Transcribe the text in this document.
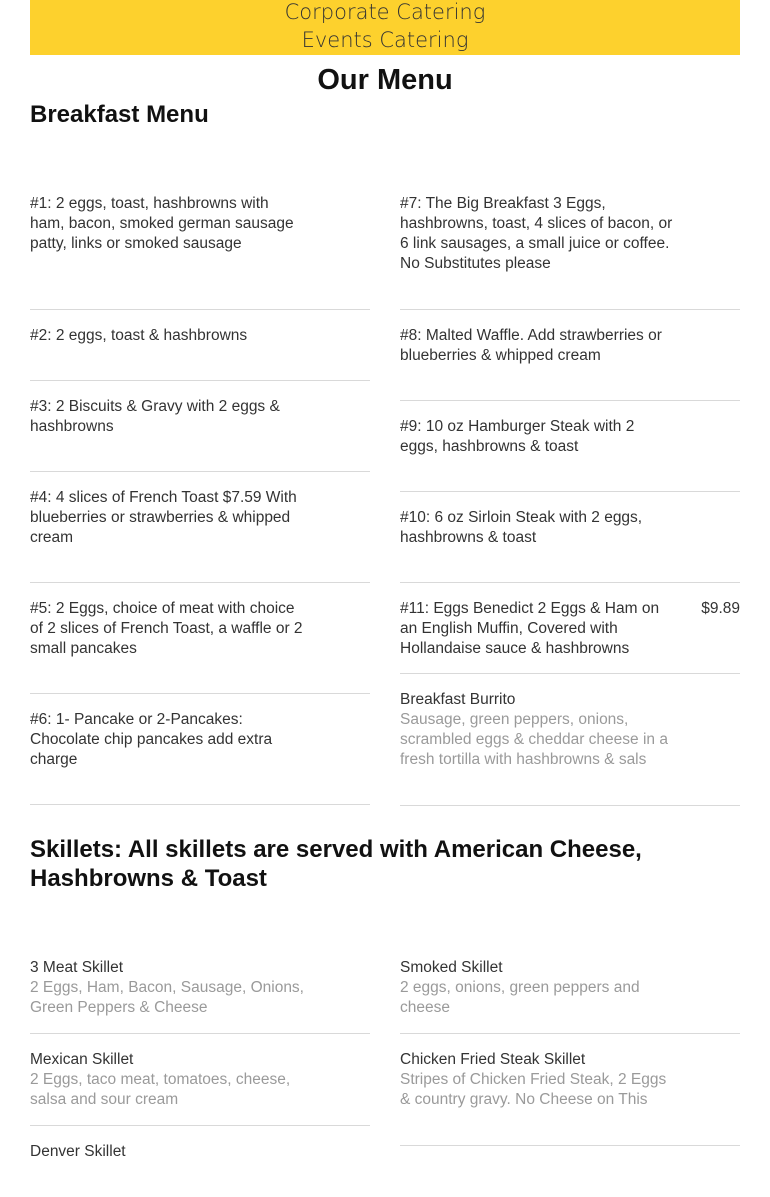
Corporate Catering
Events Catering
Our Menu
Breakfast Menu
#1: 2 eggs, toast, hashbrowns with ham, bacon, smoked german sausage patty, links or smoked sausage
#2: 2 eggs, toast & hashbrowns
#3: 2 Biscuits & Gravy with 2 eggs & hashbrowns
#4: 4 slices of French Toast $7.59 With blueberries or strawberries & whipped cream
#5: 2 Eggs, choice of meat with choice of 2 slices of French Toast, a waffle or 2 small pancakes
#6: 1- Pancake or 2-Pancakes: Chocolate chip pancakes add extra charge
#7: The Big Breakfast 3 Eggs, hashbrowns, toast, 4 slices of bacon, or 6 link sausages, a small juice or coffee. No Substitutes please
#8: Malted Waffle. Add strawberries or blueberries & whipped cream
#9: 10 oz Hamburger Steak with 2 eggs, hashbrowns & toast
#10: 6 oz Sirloin Steak with 2 eggs, hashbrowns & toast
#11: Eggs Benedict 2 Eggs & Ham on an English Muffin, Covered with Hollandaise sauce & hashbrowns
$9.89
Breakfast Burrito
Sausage, green peppers, onions, scrambled eggs & cheddar cheese in a fresh tortilla with hashbrowns & sals
Skillets: All skillets are served with American Cheese, Hashbrowns & Toast
3 Meat Skillet
2 Eggs, Ham, Bacon, Sausage, Onions, Green Peppers & Cheese
Mexican Skillet
2 Eggs, taco meat, tomatoes, cheese, salsa and sour cream
Denver Skillet
Smoked Skillet
2 eggs, onions, green peppers and cheese
Chicken Fried Steak Skillet
Stripes of Chicken Fried Steak, 2 Eggs & country gravy. No Cheese on This
